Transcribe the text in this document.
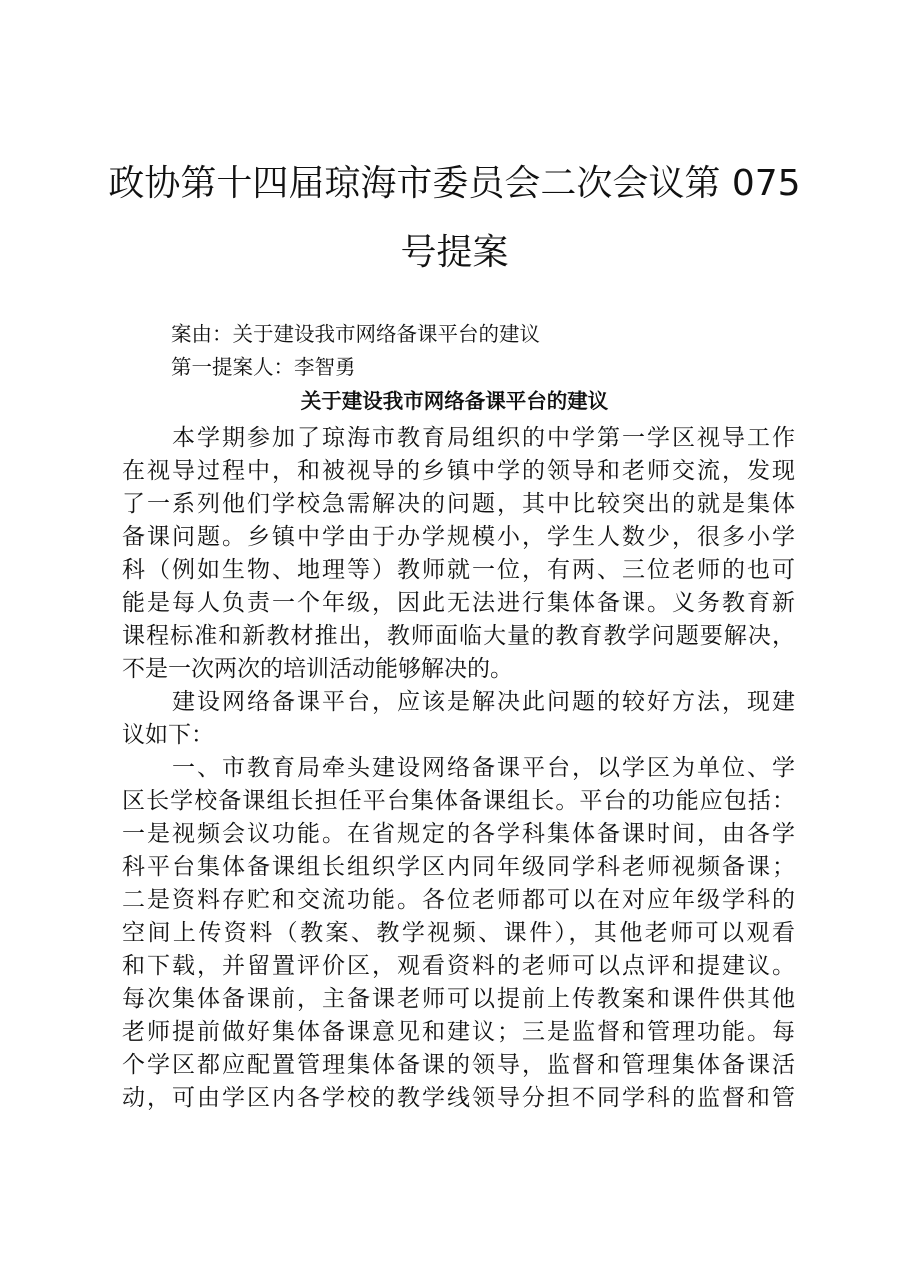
政协第十四届琼海市委员会二次会议第 075
号提案
案由：关于建设我市网络备课平台的建议
第一提案人：李智勇
关于建设我市网络备课平台的建议
本学期参加了琼海市教育局组织的中学第一学区视导工作
在视导过程中，和被视导的乡镇中学的领导和老师交流，发现
了一系列他们学校急需解决的问题，其中比较突出的就是集体
备课问题。乡镇中学由于办学规模小，学生人数少，很多小学
科（例如生物、地理等）教师就一位，有两、三位老师的也可
能是每人负责一个年级，因此无法进行集体备课。义务教育新
课程标准和新教材推出，教师面临大量的教育教学问题要解决，
不是一次两次的培训活动能够解决的。
建设网络备课平台，应该是解决此问题的较好方法，现建
议如下：
一、市教育局牵头建设网络备课平台，以学区为单位、学
区长学校备课组长担任平台集体备课组长。平台的功能应包括：
一是视频会议功能。在省规定的各学科集体备课时间，由各学
科平台集体备课组长组织学区内同年级同学科老师视频备课；
二是资料存贮和交流功能。各位老师都可以在对应年级学科的
空间上传资料（教案、教学视频、课件），其他老师可以观看
和下载，并留置评价区，观看资料的老师可以点评和提建议。
每次集体备课前，主备课老师可以提前上传教案和课件供其他
老师提前做好集体备课意见和建议；三是监督和管理功能。每
个学区都应配置管理集体备课的领导，监督和管理集体备课活
动，可由学区内各学校的教学线领导分担不同学科的监督和管
